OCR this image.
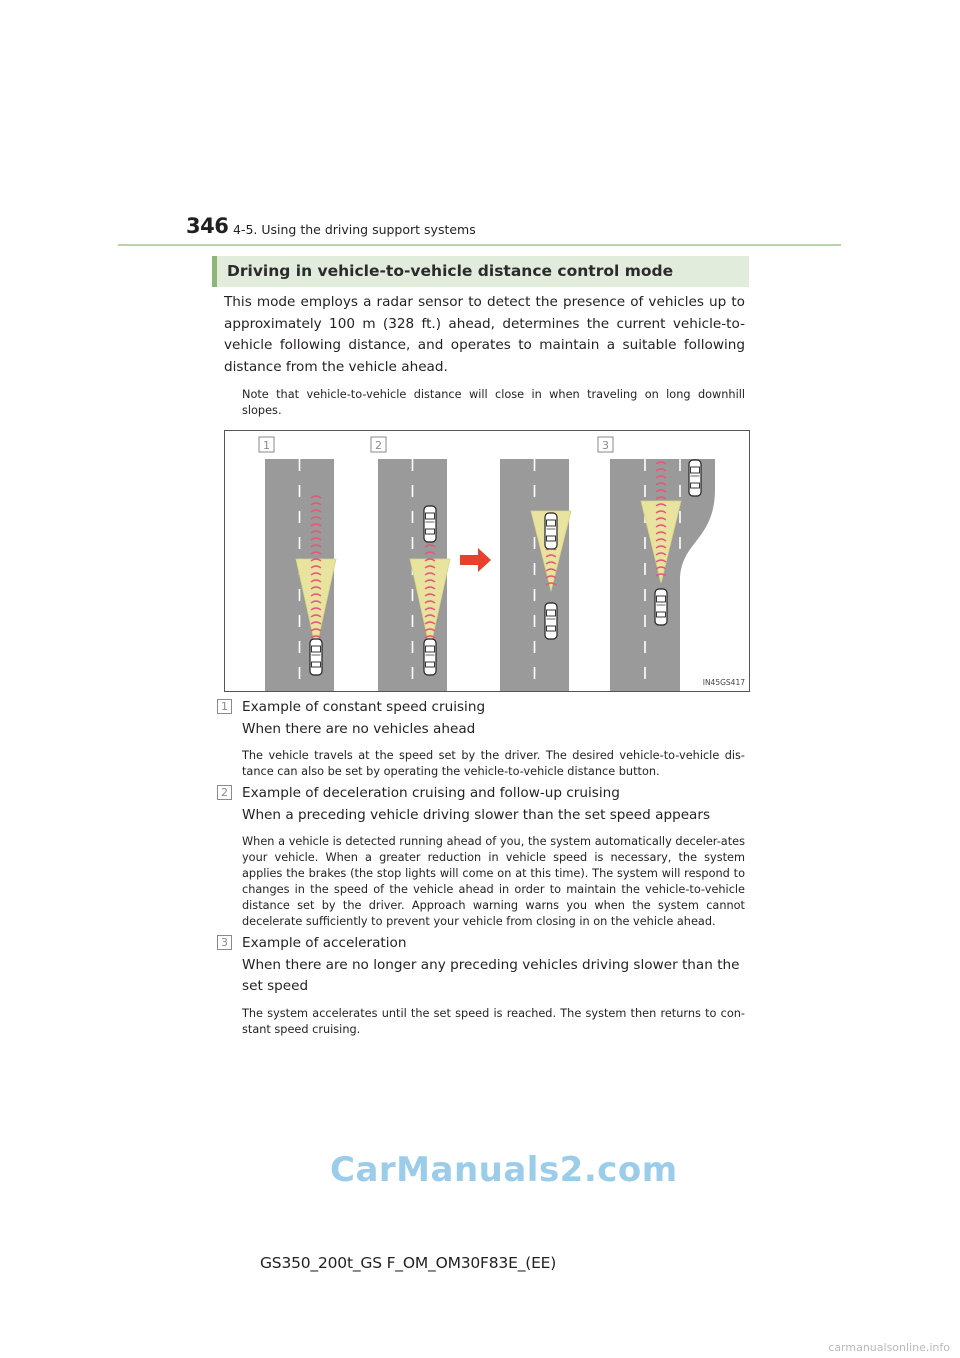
346 4-5. Using the driving support systems
Driving in vehicle-to-vehicle distance control mode
This mode employs a radar sensor to detect the presence of vehicles up to approximately 100 m (328 ft.) ahead, determines the current vehicle-to-vehicle following distance, and operates to maintain a suitable following distance from the vehicle ahead.
Note that vehicle-to-vehicle distance will close in when traveling on long downhill slopes.
1	2	3
IN45GS417
1 Example of constant speed cruising
When there are no vehicles ahead
The vehicle travels at the speed set by the driver. The desired vehicle-to-vehicle dis-tance can also be set by operating the vehicle-to-vehicle distance button.
2 Example of deceleration cruising and follow-up cruising
When a preceding vehicle driving slower than the set speed appears
When a vehicle is detected running ahead of you, the system automatically deceler-ates your vehicle. When a greater reduction in vehicle speed is necessary, the system applies the brakes (the stop lights will come on at this time). The system will respond to changes in the speed of the vehicle ahead in order to maintain the vehicle-to-vehicle distance set by the driver. Approach warning warns you when the system cannot decelerate sufficiently to prevent your vehicle from closing in on the vehicle ahead.
3 Example of acceleration
When there are no longer any preceding vehicles driving slower than the set speed
The system accelerates until the set speed is reached. The system then returns to con-stant speed cruising.
CarManuals2.com
GS350_200t_GS F_OM_OM30F83E_(EE)
carmanualsonline.info
